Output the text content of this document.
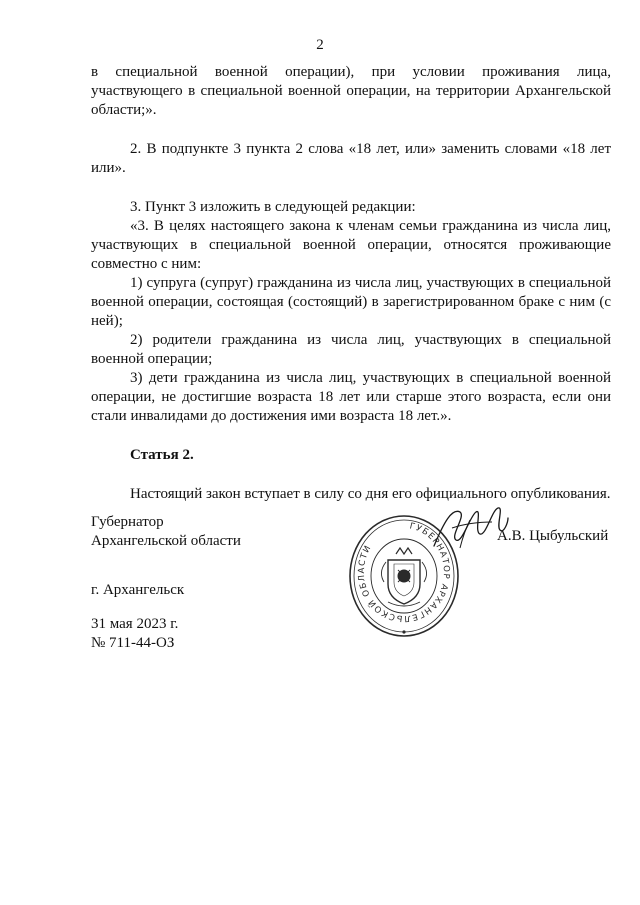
2

в специальной военной операции), при условии проживания лица, участвующего в специальной военной операции, на территории Архангельской области;».

2. В подпункте 3 пункта 2 слова «18 лет, или» заменить словами «18 лет или».

3. Пункт 3 изложить в следующей редакции:

«3. В целях настоящего закона к членам семьи гражданина из числа лиц, участвующих в специальной военной операции, относятся проживающие совместно с ним:

1) супруга (супруг) гражданина из числа лиц, участвующих в специальной военной операции, состоящая (состоящий) в зарегистрированном браке с ним (с ней);

2) родители гражданина из числа лиц, участвующих в специальной военной операции;

3) дети гражданина из числа лиц, участвующих в специальной военной операции, не достигшие возраста 18 лет или старше этого возраста, если они стали инвалидами до достижения ими возраста 18 лет.».

Статья 2.

Настоящий закон вступает в силу со дня его официального опубликования.

Губернатор
Архангельской области	А.В. Цыбульский
г. Архангельск
31 мая 2023 г.
№ 711-44-ОЗ
ГУБЕРНАТОР АРХАНГЕЛЬСКОЙ ОБЛАСТИ
